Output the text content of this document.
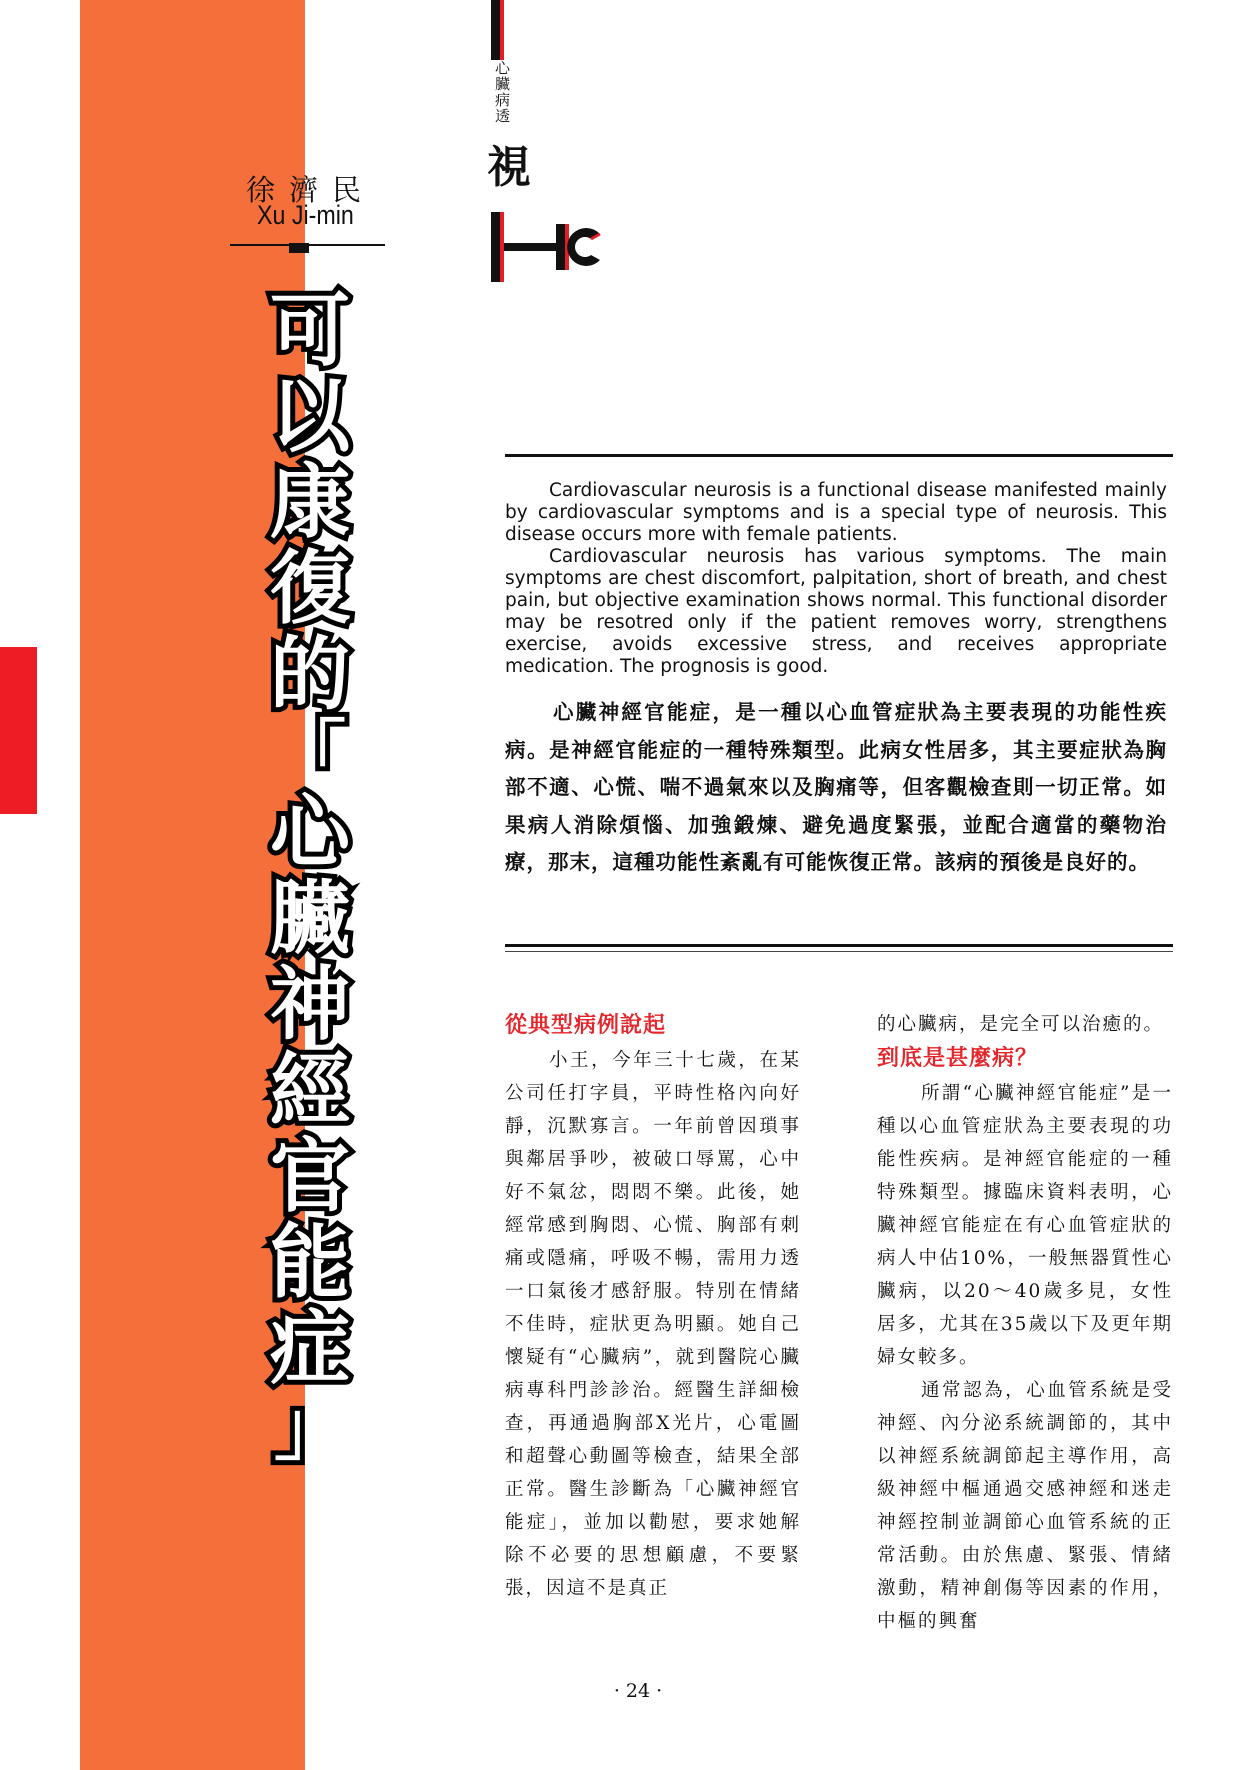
徐濟民
Xu Ji-min
可
以
康
復
的
「
心
臟
神
經
官
能
症
」
心臟病透
視

Cardiovascular neurosis is a functional disease manifested mainly by cardiovascular symptoms and is a special type of neurosis. This disease occurs more with female patients.

Cardiovascular neurosis has various symptoms. The main symptoms are chest discomfort, palpitation, short of breath, and chest pain, but objective examination shows normal. This functional disorder may be resotred only if the patient removes worry, strengthens exercise, avoids excessive stress, and receives appropriate medication. The prognosis is good.

心臟神經官能症，是一種以心血管症狀為主要表現的功能性疾病。是神經官能症的一種特殊類型。此病女性居多，其主要症狀為胸部不適、心慌、喘不過氣來以及胸痛等，但客觀檢查則一切正常。如果病人消除煩惱、加強鍛煉、避免過度緊張，並配合適當的藥物治療，那末，這種功能性紊亂有可能恢復正常。該病的預後是良好的。
從典型病例說起

小王，今年三十七歲，在某公司任打字員，平時性格內向好靜，沉默寡言。一年前曾因瑣事與鄰居爭吵，被破口辱罵，心中好不氣忿，悶悶不樂。此後，她經常感到胸悶、心慌、胸部有刺痛或隱痛，呼吸不暢，需用力透一口氣後才感舒服。特別在情緒不佳時，症狀更為明顯。她自己懷疑有“心臟病”，就到醫院心臟病專科門診診治。經醫生詳細檢查，再通過胸部X光片，心電圖和超聲心動圖等檢查，結果全部正常。醫生診斷為「心臟神經官能症」，並加以勸慰，要求她解除不必要的思想顧慮，不要緊張，因這不是真正

的心臟病，是完全可以治癒的。

到底是甚麼病？

所謂“心臟神經官能症”是一種以心血管症狀為主要表現的功能性疾病。是神經官能症的一種特殊類型。據臨床資料表明，心臟神經官能症在有心血管症狀的病人中佔10%，一般無器質性心臟病，以20～40歲多見，女性居多，尤其在35歲以下及更年期婦女較多。

通常認為，心血管系統是受神經、內分泌系統調節的，其中以神經系統調節起主導作用，高級神經中樞通過交感神經和迷走神經控制並調節心血管系統的正常活動。由於焦慮、緊張、情緒激動，精神創傷等因素的作用，中樞的興奮

· 24 ·
